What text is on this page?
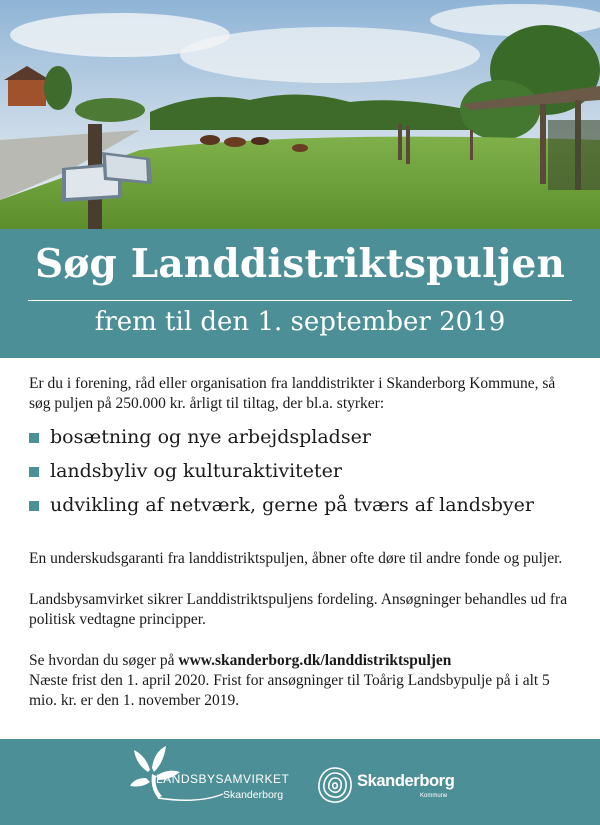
Søg Landdistriktspuljen
frem til den 1. september 2019

Er du i forening, råd eller organisation fra landdistrikter i Skanderborg Kommune, så søg puljen på 250.000 kr. årligt til tiltag, der bl.a. styrker:

bosætning og nye arbejdspladser
landsbyliv og kulturaktiviteter
udvikling af netværk, gerne på tværs af landsbyer

En underskudsgaranti fra landdistriktspuljen, åbner ofte døre til andre fonde og puljer.

Landsbysamvirket sikrer Landdistriktspuljens fordeling. Ansøgninger behandles ud fra politisk vedtagne principper.

Se hvordan du søger på www.skanderborg.dk/landdistriktspuljen
Næste frist den 1. april 2020. Frist for ansøgninger til Toårig Landsbypulje på i alt 5 mio. kr. er den 1. november 2019.

LANDSBYSAMVIRKET
Skanderborg
Skanderborg
Kommune
